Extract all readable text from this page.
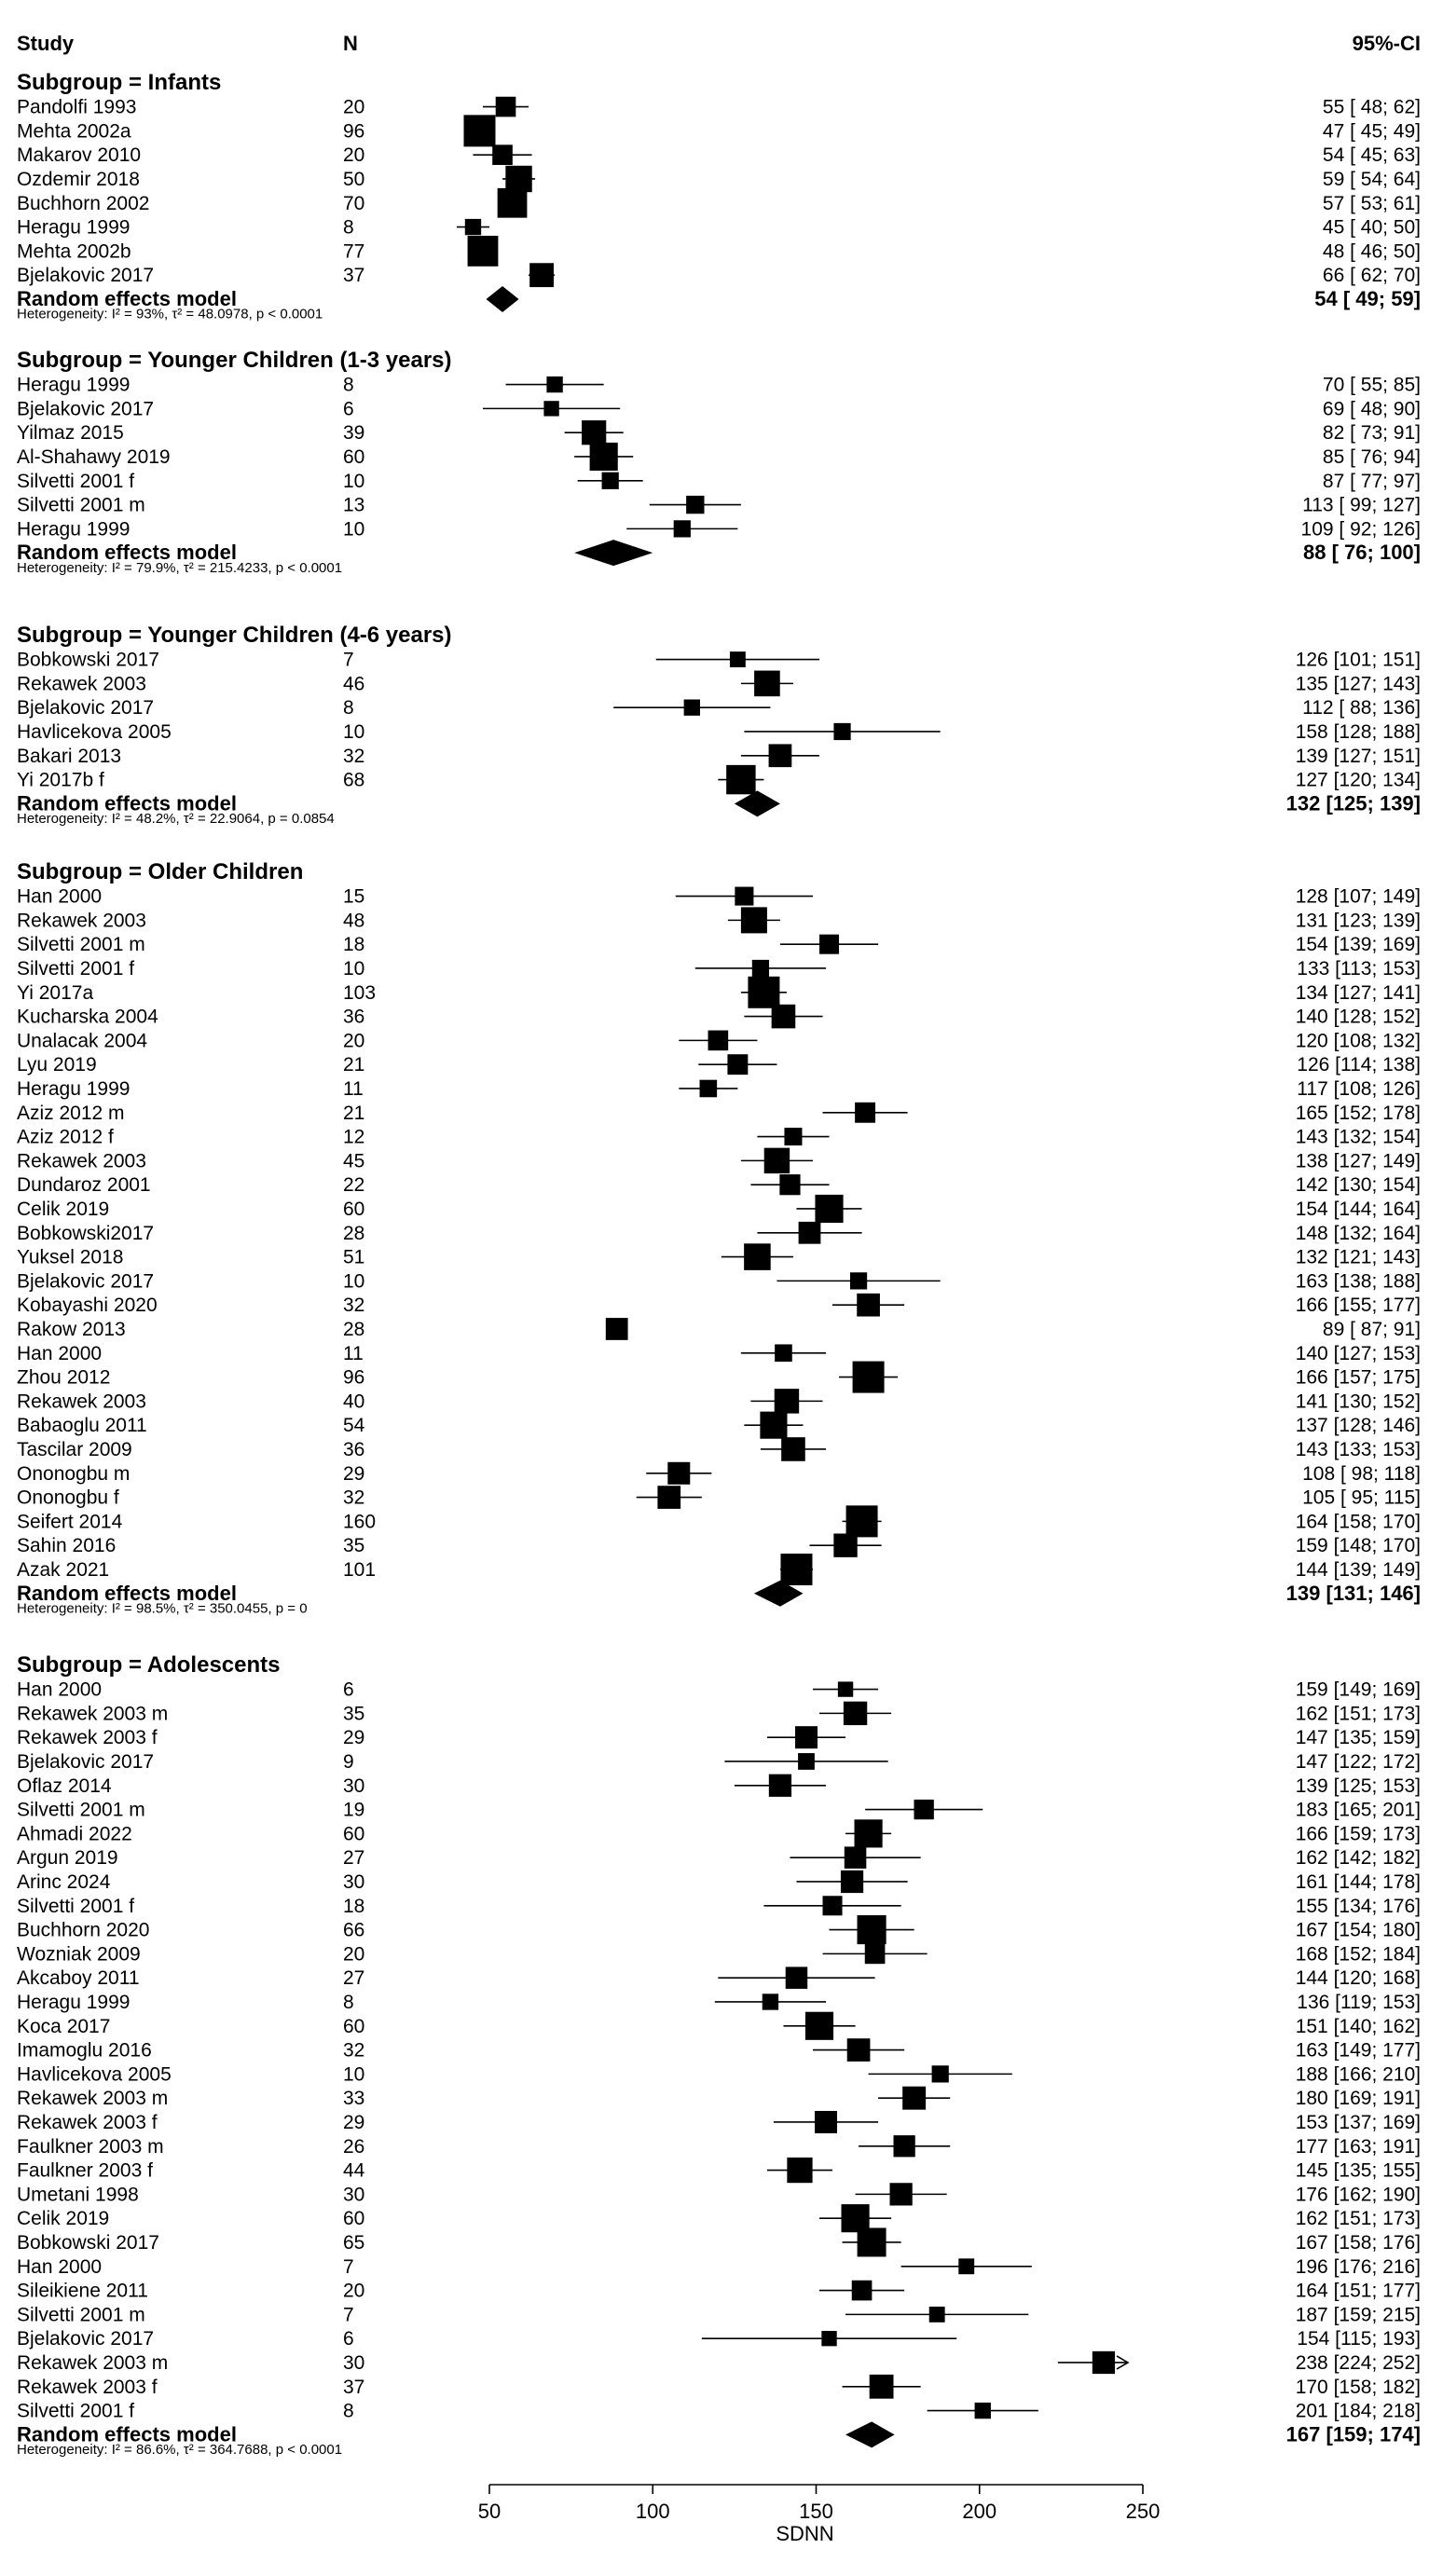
Study	N	95%-CI
Subgroup = Infants
Pandolfi 1993	20	55 [ 48; 62]
Mehta 2002a	96	47 [ 45; 49]
Makarov 2010	20	54 [ 45; 63]
Ozdemir 2018	50	59 [ 54; 64]
Buchhorn 2002	70	57 [ 53; 61]
Heragu 1999	8	45 [ 40; 50]
Mehta 2002b	77	48 [ 46; 50]
Bjelakovic 2017	37	66 [ 62; 70]
Random effects model	54 [ 49; 59]
Heterogeneity: I² = 93%, τ² = 48.0978, p < 0.0001
Subgroup = Younger Children (1-3 years)
Heragu 1999	8	70 [ 55; 85]
Bjelakovic 2017	6	69 [ 48; 90]
Yilmaz 2015	39	82 [ 73; 91]
Al-Shahawy 2019	60	85 [ 76; 94]
Silvetti 2001 f	10	87 [ 77; 97]
Silvetti 2001 m	13	113 [ 99; 127]
Heragu 1999	10	109 [ 92; 126]
Random effects model	88 [ 76; 100]
Heterogeneity: I² = 79.9%, τ² = 215.4233, p < 0.0001
Subgroup = Younger Children (4-6 years)
Bobkowski 2017	7	126 [101; 151]
Rekawek 2003	46	135 [127; 143]
Bjelakovic 2017	8	112 [ 88; 136]
Havlicekova 2005	10	158 [128; 188]
Bakari 2013	32	139 [127; 151]
Yi 2017b f	68	127 [120; 134]
Random effects model	132 [125; 139]
Heterogeneity: I² = 48.2%, τ² = 22.9064, p = 0.0854
Subgroup = Older Children
Han 2000	15	128 [107; 149]
Rekawek 2003	48	131 [123; 139]
Silvetti 2001 m	18	154 [139; 169]
Silvetti 2001 f	10	133 [113; 153]
Yi 2017a	103	134 [127; 141]
Kucharska 2004	36	140 [128; 152]
Unalacak 2004	20	120 [108; 132]
Lyu 2019	21	126 [114; 138]
Heragu 1999	11	117 [108; 126]
Aziz 2012 m	21	165 [152; 178]
Aziz 2012 f	12	143 [132; 154]
Rekawek 2003	45	138 [127; 149]
Dundaroz 2001	22	142 [130; 154]
Celik 2019	60	154 [144; 164]
Bobkowski2017	28	148 [132; 164]
Yuksel 2018	51	132 [121; 143]
Bjelakovic 2017	10	163 [138; 188]
Kobayashi 2020	32	166 [155; 177]
Rakow 2013	28	89 [ 87; 91]
Han 2000	11	140 [127; 153]
Zhou 2012	96	166 [157; 175]
Rekawek 2003	40	141 [130; 152]
Babaoglu 2011	54	137 [128; 146]
Tascilar 2009	36	143 [133; 153]
Ononogbu m	29	108 [ 98; 118]
Ononogbu f	32	105 [ 95; 115]
Seifert 2014	160	164 [158; 170]
Sahin 2016	35	159 [148; 170]
Azak 2021	101	144 [139; 149]
Random effects model	139 [131; 146]
Heterogeneity: I² = 98.5%, τ² = 350.0455, p = 0
Subgroup = Adolescents
Han 2000	6	159 [149; 169]
Rekawek 2003 m	35	162 [151; 173]
Rekawek 2003 f	29	147 [135; 159]
Bjelakovic 2017	9	147 [122; 172]
Oflaz 2014	30	139 [125; 153]
Silvetti 2001 m	19	183 [165; 201]
Ahmadi 2022	60	166 [159; 173]
Argun 2019	27	162 [142; 182]
Arinc 2024	30	161 [144; 178]
Silvetti 2001 f	18	155 [134; 176]
Buchhorn 2020	66	167 [154; 180]
Wozniak 2009	20	168 [152; 184]
Akcaboy 2011	27	144 [120; 168]
Heragu 1999	8	136 [119; 153]
Koca 2017	60	151 [140; 162]
Imamoglu 2016	32	163 [149; 177]
Havlicekova 2005	10	188 [166; 210]
Rekawek 2003 m	33	180 [169; 191]
Rekawek 2003 f	29	153 [137; 169]
Faulkner 2003 m	26	177 [163; 191]
Faulkner 2003 f	44	145 [135; 155]
Umetani 1998	30	176 [162; 190]
Celik 2019	60	162 [151; 173]
Bobkowski 2017	65	167 [158; 176]
Han 2000	7	196 [176; 216]
Sileikiene 2011	20	164 [151; 177]
Silvetti 2001 m	7	187 [159; 215]
Bjelakovic 2017	6	154 [115; 193]
Rekawek 2003 m	30	238 [224; 252]
Rekawek 2003 f	37	170 [158; 182]
Silvetti 2001 f	8	201 [184; 218]
Random effects model	167 [159; 174]
Heterogeneity: I² = 86.6%, τ² = 364.7688, p < 0.0001
50	100	150	200	250
SDNN
